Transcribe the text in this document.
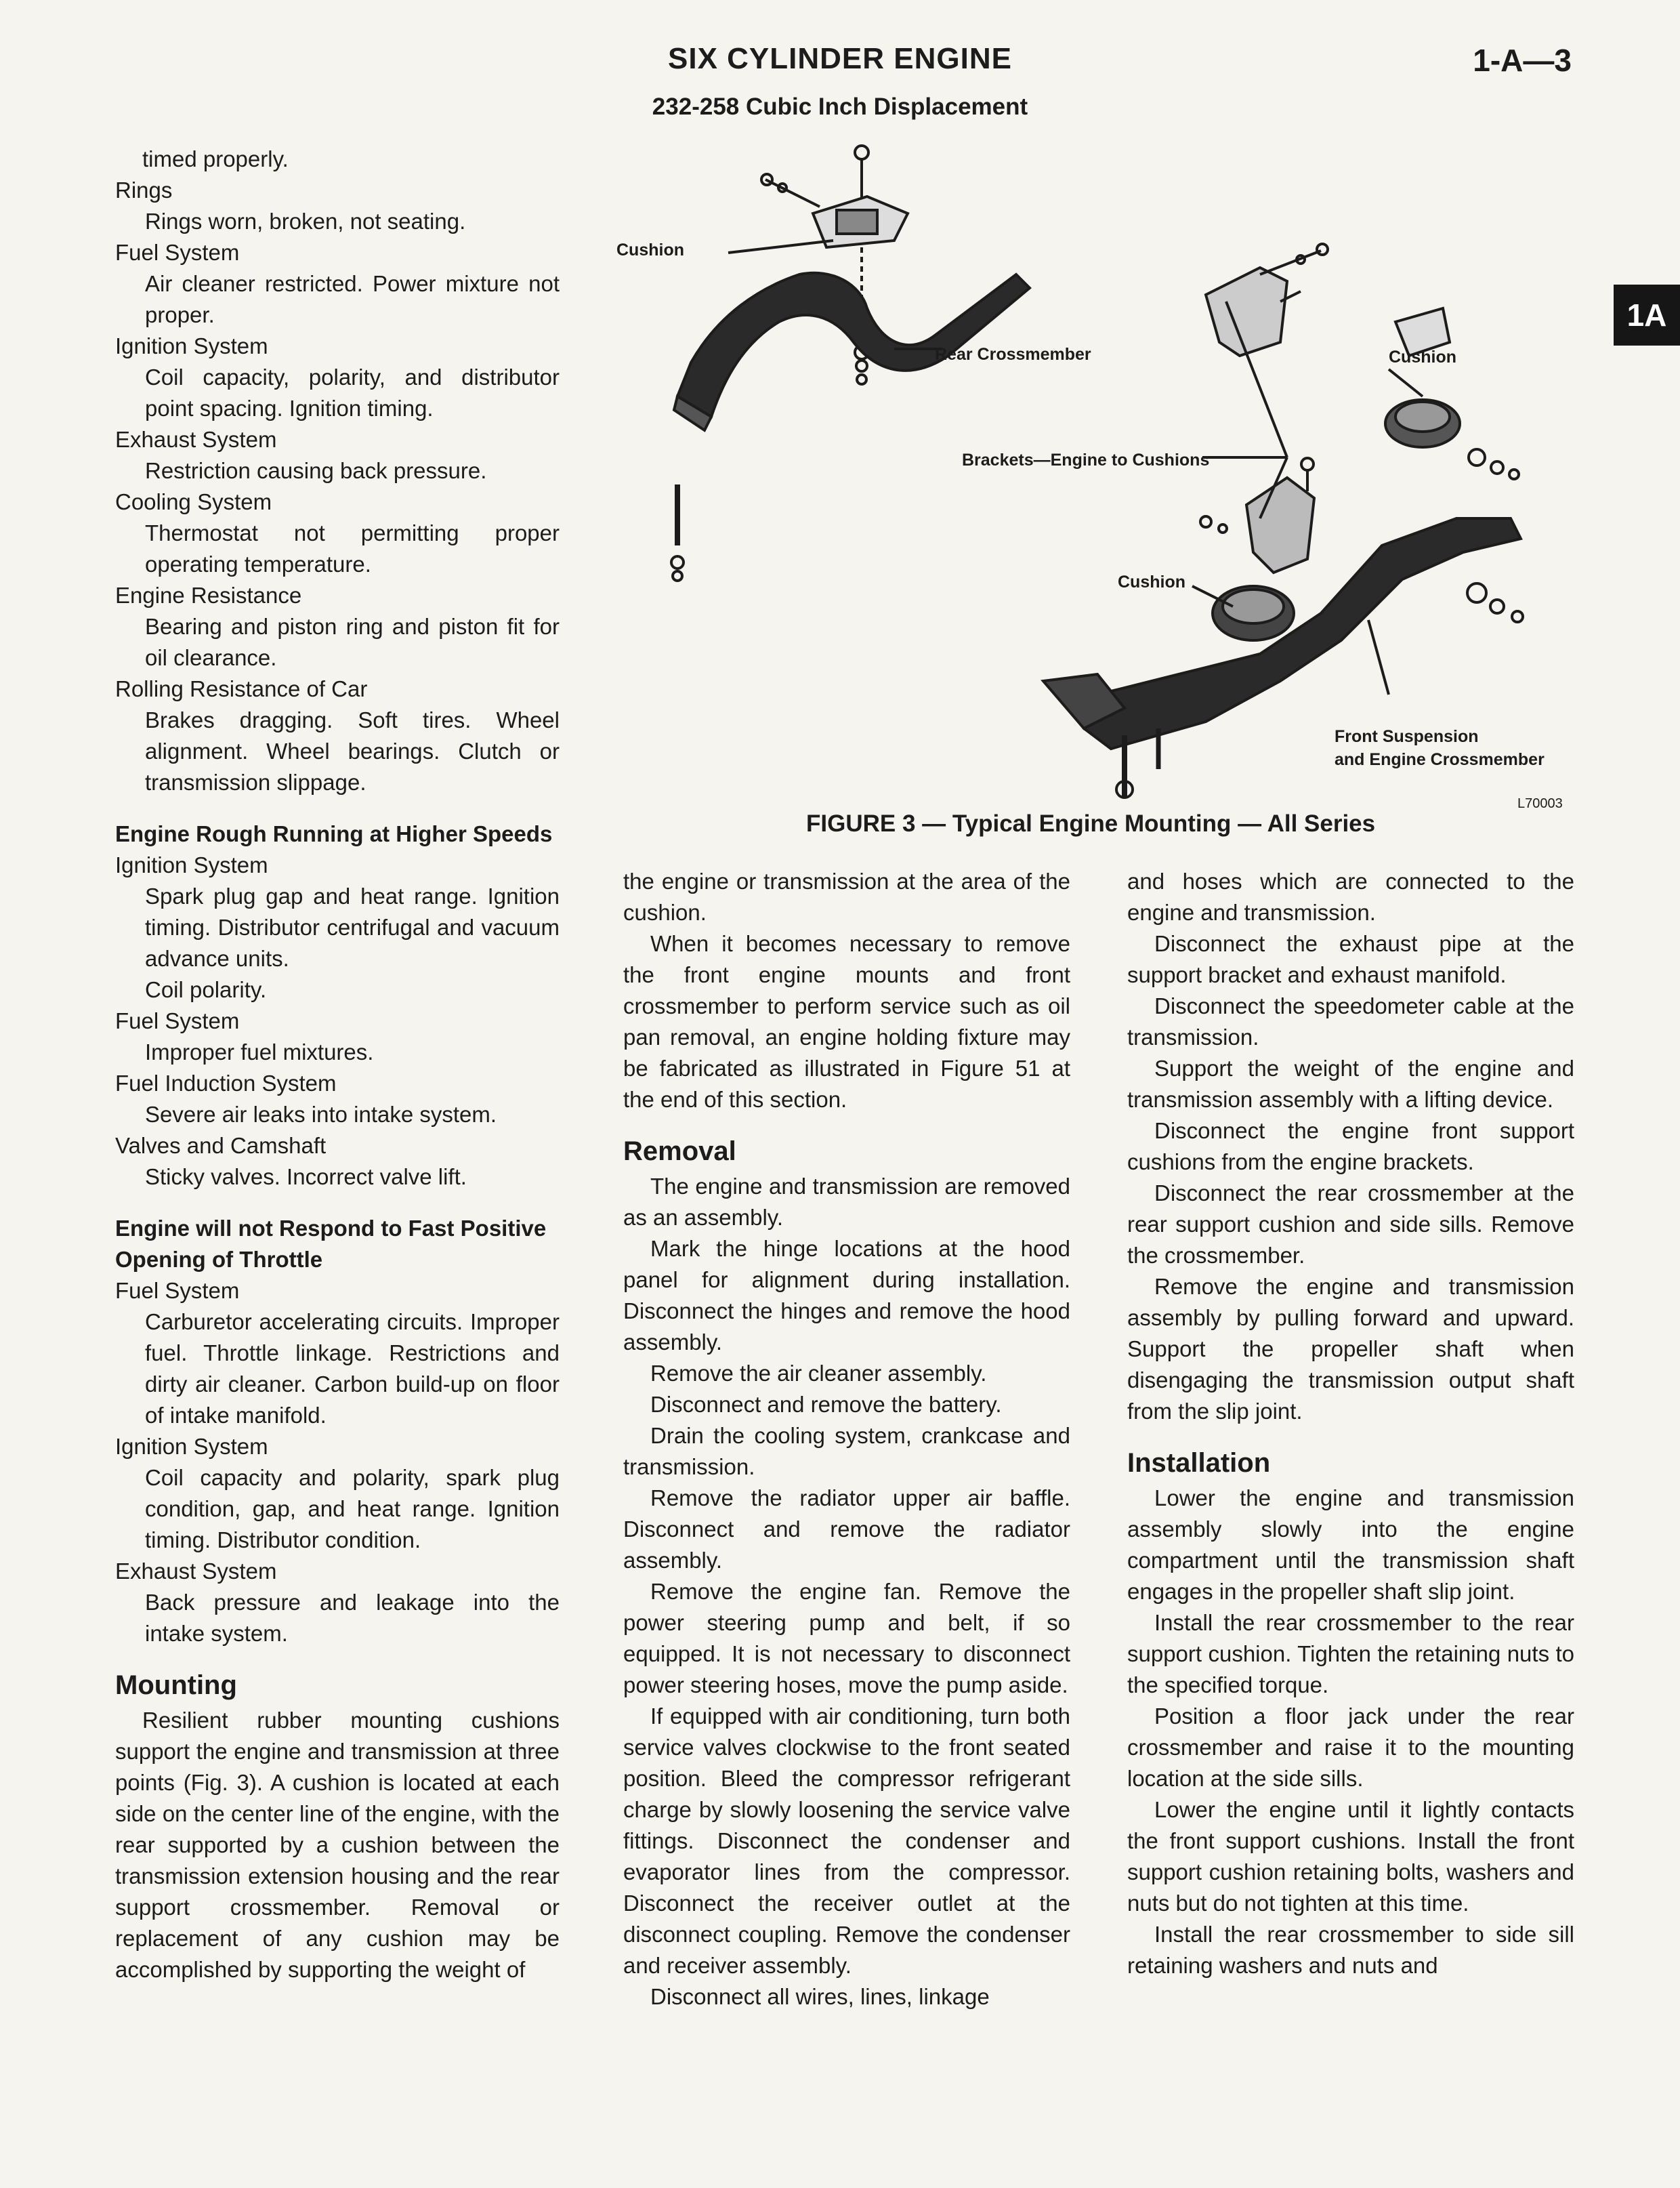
SIX CYLINDER ENGINE
232-258 Cubic Inch Displacement
1-A—3
1A

timed properly.

Rings

Rings worn, broken, not seating.

Fuel System

Air cleaner restricted. Power mixture not proper.

Ignition System

Coil capacity, polarity, and distributor point spacing. Ignition timing.

Exhaust System

Restriction causing back pressure.

Cooling System

Thermostat not permitting proper operating temperature.

Engine Resistance

Bearing and piston ring and piston fit for oil clearance.

Rolling Resistance of Car

Brakes dragging. Soft tires. Wheel alignment. Wheel bearings. Clutch or transmission slippage.

Engine Rough Running at Higher Speeds

Ignition System

Spark plug gap and heat range. Ignition timing. Distributor centrifugal and vacuum advance units.

Coil polarity.

Fuel System

Improper fuel mixtures.

Fuel Induction System

Severe air leaks into intake system.

Valves and Camshaft

Sticky valves. Incorrect valve lift.

Engine will not Respond to Fast Positive Opening of Throttle

Fuel System

Carburetor accelerating circuits. Improper fuel. Throttle linkage. Restrictions and dirty air cleaner. Carbon build-up on floor of intake manifold.

Ignition System

Coil capacity and polarity, spark plug condition, gap, and heat range. Ignition timing. Distributor condition.

Exhaust System

Back pressure and leakage into the intake system.

Mounting

Resilient rubber mounting cushions support the engine and transmission at three points (Fig. 3). A cushion is located at each side on the center line of the engine, with the rear supported by a cushion between the transmission extension housing and the rear support crossmember. Removal or replacement of any cushion may be accomplished by supporting the weight of

Cushion
Rear Crossmember
Brackets—Engine to Cushions
Cushion
Cushion
Front Suspension
and Engine Crossmember
L70003
FIGURE 3 — Typical Engine Mounting — All Series

the engine or transmission at the area of the cushion.

When it becomes necessary to remove the front engine mounts and front crossmember to perform service such as oil pan removal, an engine holding fixture may be fabricated as illustrated in Figure 51 at the end of this section.

Removal

The engine and transmission are removed as an assembly.

Mark the hinge locations at the hood panel for alignment during installation. Disconnect the hinges and remove the hood assembly.

Remove the air cleaner assembly.

Disconnect and remove the battery.

Drain the cooling system, crankcase and transmission.

Remove the radiator upper air baffle. Disconnect and remove the radiator assembly.

Remove the engine fan. Remove the power steering pump and belt, if so equipped. It is not necessary to disconnect power steering hoses, move the pump aside.

If equipped with air conditioning, turn both service valves clockwise to the front seated position. Bleed the compressor refrigerant charge by slowly loosening the service valve fittings. Disconnect the condenser and evaporator lines from the compressor. Disconnect the receiver outlet at the disconnect coupling. Remove the condenser and receiver assembly.

Disconnect all wires, lines, linkage

and hoses which are connected to the engine and transmission.

Disconnect the exhaust pipe at the support bracket and exhaust manifold.

Disconnect the speedometer cable at the transmission.

Support the weight of the engine and transmission assembly with a lifting device.

Disconnect the engine front support cushions from the engine brackets.

Disconnect the rear crossmember at the rear support cushion and side sills. Remove the crossmember.

Remove the engine and transmission assembly by pulling forward and upward. Support the propeller shaft when disengaging the transmission output shaft from the slip joint.

Installation

Lower the engine and transmission assembly slowly into the engine compartment until the transmission shaft engages in the propeller shaft slip joint.

Install the rear crossmember to the rear support cushion. Tighten the retaining nuts to the specified torque.

Position a floor jack under the rear crossmember and raise it to the mounting location at the side sills.

Lower the engine until it lightly contacts the front support cushions. Install the front support cushion retaining bolts, washers and nuts but do not tighten at this time.

Install the rear crossmember to side sill retaining washers and nuts and
